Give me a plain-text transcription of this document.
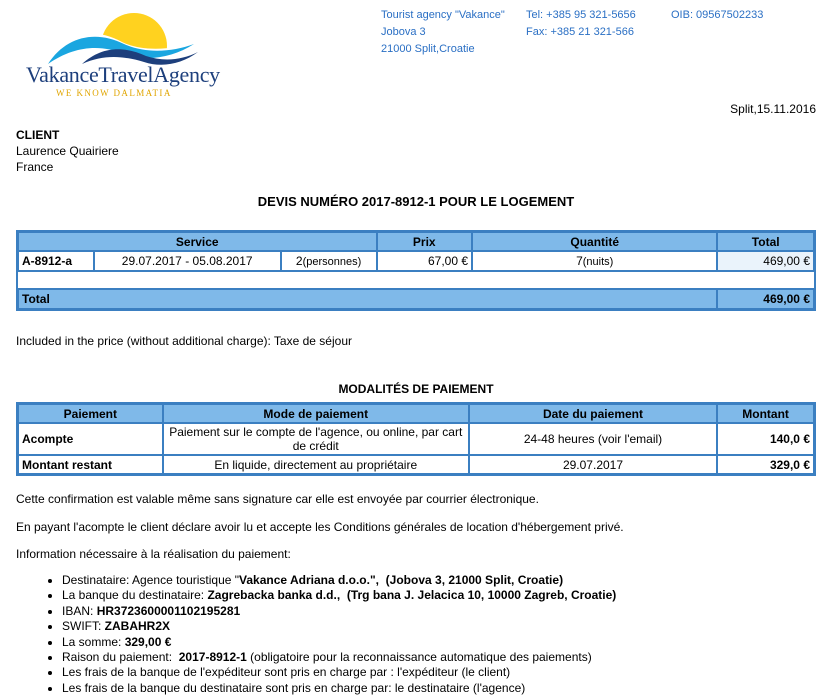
VakanceTravelAgency
WE KNOW DALMATIA
Tourist agency "Vakance"
Jobova 3
21000 Split,Croatie
Tel: +385 95 321-5656
Fax: +385 21 321-566
OIB: 09567502233
Split,15.11.2016
CLIENT
Laurence Quairiere
France
DEVIS NUMÉRO 2017-8912-1 POUR LE LOGEMENT
Service			Prix	Quantité	Total
A-8912-a	29.07.2017 - 05.08.2017	2(personnes)	67,00 €	7(nuits)	469,00 €

Total					469,00 €
Included in the price (without additional charge): Taxe de séjour
MODALITÉS DE PAIEMENT
Paiement	Mode de paiement	Date du paiement	Montant
Acompte	Paiement sur le compte de l'agence, ou online, par cart de crédit	24-48 heures (voir l'email)	140,0 €
Montant restant	En liquide, directement au propriétaire	29.07.2017	329,0 €
Cette confirmation est valable même sans signature car elle est envoyée par courrier électronique.
En payant l'acompte le client déclare avoir lu et accepte les Conditions générales de location d'hébergement privé.
Information nécessaire à la réalisation du paiement:
• Destinataire: Agence touristique "Vakance Adriana d.o.o.", (Jobova 3, 21000 Split, Croatie)
• La banque du destinataire: Zagrebacka banka d.d., (Trg bana J. Jelacica 10, 10000 Zagreb, Croatie)
• IBAN: HR3723600001102195281
• SWIFT: ZABAHR2X
• La somme: 329,00 €
• Raison du paiement:  2017-8912-1 (obligatoire pour la reconnaissance automatique des paiements)
• Les frais de la banque de l'expéditeur sont pris en charge par : l'expéditeur (le client)
• Les frais de la banque du destinataire sont pris en charge par: le destinataire (l'agence)
